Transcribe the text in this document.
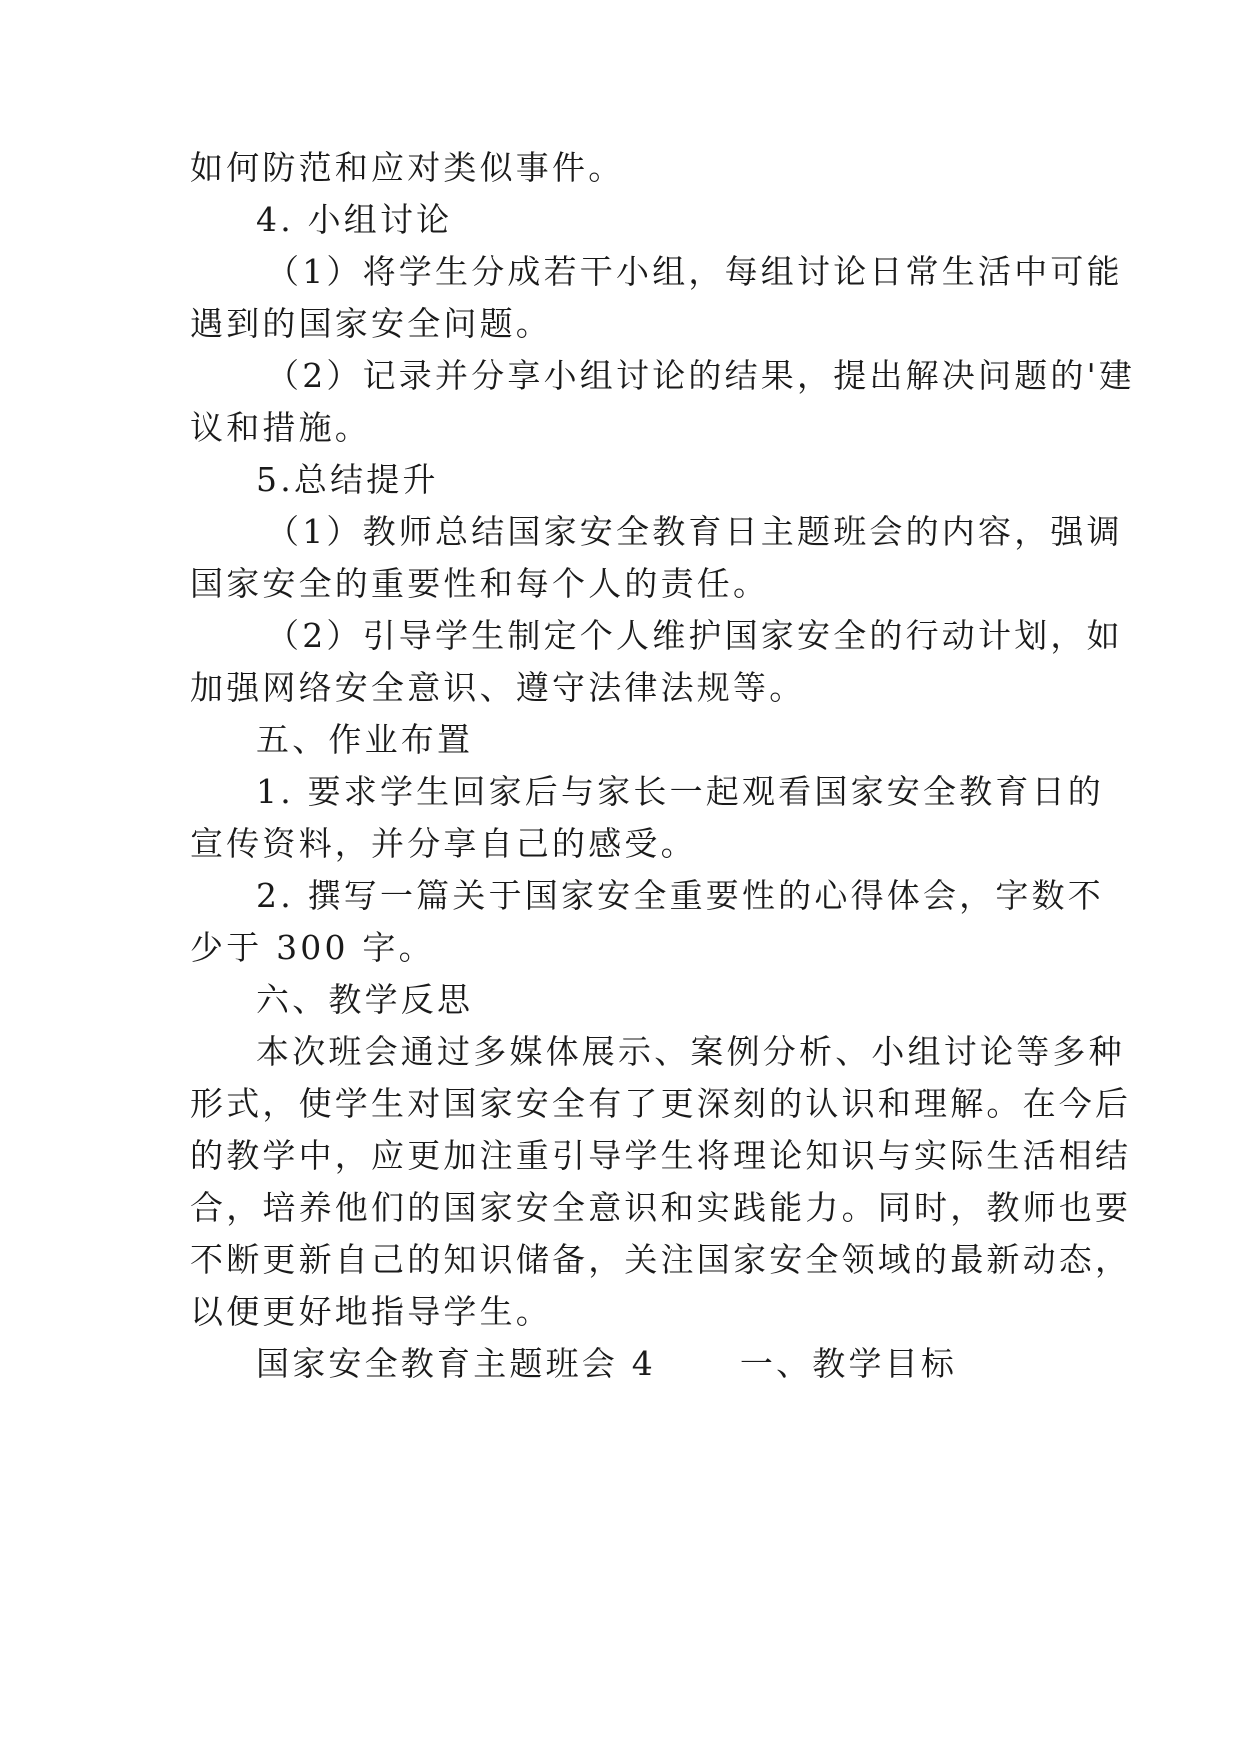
如何防范和应对类似事件。
4. 小组讨论
（1）将学生分成若干小组，每组讨论日常生活中可能
遇到的国家安全问题。
（2）记录并分享小组讨论的结果，提出解决问题的'建
议和措施。
5.总结提升
（1）教师总结国家安全教育日主题班会的内容，强调
国家安全的重要性和每个人的责任。
（2）引导学生制定个人维护国家安全的行动计划，如
加强网络安全意识、遵守法律法规等。
五、作业布置
1. 要求学生回家后与家长一起观看国家安全教育日的
宣传资料，并分享自己的感受。
2. 撰写一篇关于国家安全重要性的心得体会，字数不
少于 300 字。
六、教学反思
本次班会通过多媒体展示、案例分析、小组讨论等多种
形式，使学生对国家安全有了更深刻的认识和理解。在今后
的教学中，应更加注重引导学生将理论知识与实际生活相结
合，培养他们的国家安全意识和实践能力。同时，教师也要
不断更新自己的知识储备，关注国家安全领域的最新动态，
以便更好地指导学生。
国家安全教育主题班会 4	一、教学目标
